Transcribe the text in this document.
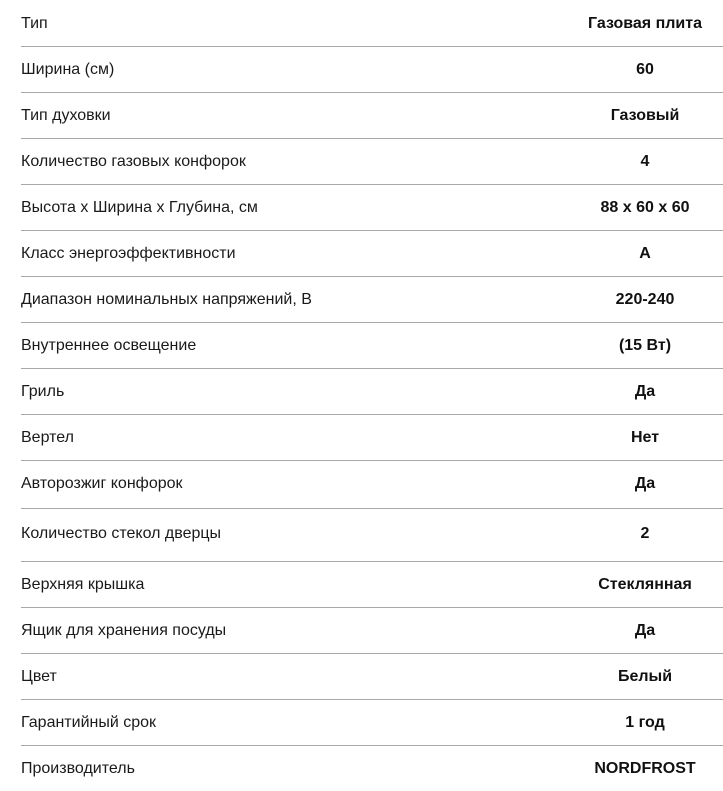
Тип	Газовая плита
Ширина (см)	60
Тип духовки	Газовый
Количество газовых конфорок	4
Высота x Ширина x Глубина, см	88 x 60 x 60
Класс энергоэффективности	A
Диапазон номинальных напряжений, В	220-240
Внутреннее освещение	(15 Вт)
Гриль	Да
Вертел	Нет
Авторозжиг конфорок	Да
Количество стекол дверцы	2
Верхняя крышка	Стеклянная
Ящик для хранения посуды	Да
Цвет	Белый
Гарантийный срок	1 год
Производитель	NORDFROST
